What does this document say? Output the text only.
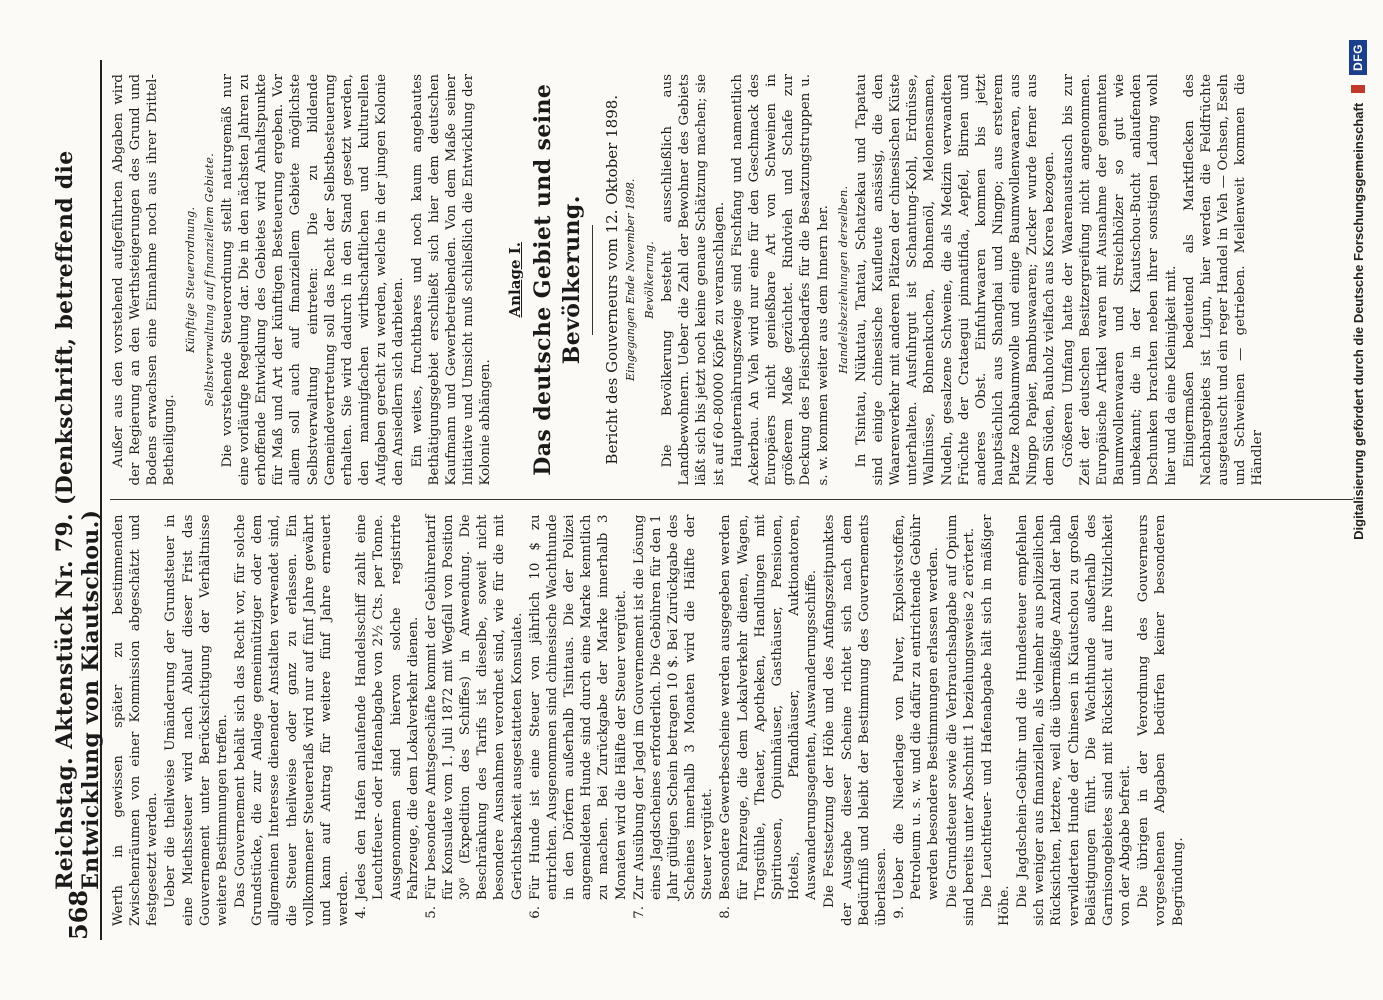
568
Reichstag. Aktenstück Nr. 79. (Denkschrift, betreffend die Entwicklung von Kiautschou.) Werth in gewissen später zu bestimmenden Zwischenräumen von einer Kommission abgeschätzt und festgesetzt werden. Ueber die theilweise Umänderung der Grundsteuer in eine Miethssteuer wird nach Ablauf dieser Frist das Gouvernement unter Berücksichtigung der Verhältnisse weitere Bestimmungen treffen. Das Gouvernement behält sich das Recht vor, für solche Grundstücke, die zur Anlage gemeinnütziger oder dem allgemeinen Interesse dienender Anstalten verwendet sind, die Steuer theilweise oder ganz zu erlassen. Ein vollkommener Steuererlaß wird nur auf fünf Jahre gewährt und kann auf Antrag für weitere fünf Jahre erneuert werden. 4.
Jedes den Hafen anlaufende Handelsschiff zahlt eine Leuchtfeuer- oder Hafenabgabe von 2½ Cts. per Tonne. Ausgenommen sind hiervon solche registrirte Fahrzeuge, die dem Lokalverkehr dienen.
5.
Für besondere Amtsgeschäfte kommt der Gebührentarif für Konsulate vom 1. Juli 1872 mit Wegfall von Position 30⁶ (Expedition des Schiffes) in Anwendung. Die Beschränkung des Tarifs ist dieselbe, soweit nicht besondere Ausnahmen verordnet sind, wie für die mit Gerichtsbarkeit ausgestatteten Konsulate.
6.
Für Hunde ist eine Steuer von jährlich 10 $ zu entrichten. Ausgenommen sind chinesische Wachthunde in den Dörfern außerhalb Tsintaus. Die der Polizei angemeldeten Hunde sind durch eine Marke kenntlich zu machen. Bei Zurückgabe der Marke innerhalb 3 Monaten wird die Hälfte der Steuer vergütet.
7.
Zur Ausübung der Jagd im Gouvernement ist die Lösung eines Jagdscheines erforderlich. Die Gebühren für den 1 Jahr gültigen Schein betragen 10 $. Bei Zurückgabe des Scheines innerhalb 3 Monaten wird die Hälfte der Steuer vergütet.
8.
Besondere Gewerbescheine werden ausgegeben werden für Fahrzeuge, die dem Lokalverkehr dienen, Wagen, Tragstühle, Theater, Apotheken, Handlungen mit Spirituosen, Opiumhäuser, Gasthäuser, Pensionen, Hotels, Pfandhäuser, Auktionatoren, Auswanderungsagenten, Auswanderungsschiffe. Die Festsetzung der Höhe und des Anfangszeitpunktes der Ausgabe dieser Scheine richtet sich nach dem Bedürfniß und bleibt der Bestimmung des Gouvernements überlassen. 9.
Ueber die Niederlage von Pulver, Explosivstoffen, Petroleum u. s. w. und die dafür zu entrichtende Gebühr werden besondere Bestimmungen erlassen werden. Die Grundsteuer sowie die Verbrauchsabgabe auf Opium sind bereits unter Abschnitt 1 beziehungsweise 2 erörtert. Die Leuchtfeuer- und Hafenabgabe hält sich in mäßiger Höhe. Die Jagdschein-Gebühr und die Hundesteuer empfehlen sich weniger aus finanziellen, als vielmehr aus polizeilichen Rücksichten, letztere, weil die übermäßige Anzahl der halb verwilderten Hunde der Chinesen in Kiautschou zu großen Belästigungen führt. Die Wachthunde außerhalb des Garnisongebietes sind mit Rücksicht auf ihre Nützlichkeit von der Abgabe befreit. Die übrigen in der Verordnung des Gouverneurs vorgesehenen Abgaben bedürfen keiner besonderen Begründung.

Außer aus den vorstehend aufgeführten Abgaben wird der Regierung an den Werthsteigerungen des Grund und Bodens erwachsen eine Einnahme noch aus ihrer Drittel-Betheiligung.

Künftige Steuerordnung. Selbstverwaltung auf finanziellem Gebiete. Die vorstehende Steuerordnung stellt naturgemäß nur eine vorläufige Regelung dar. Die in den nächsten Jahren zu erhoffende Entwicklung des Gebietes wird Anhaltspunkte für Maß und Art der künftigen Besteuerung ergeben. Vor allem soll auch auf finanziellem Gebiete möglichste Selbstverwaltung eintreten: Die zu bildende Gemeindevertretung soll das Recht der Selbstbesteuerung erhalten. Sie wird dadurch in den Stand gesetzt werden, den mannigfachen wirthschaftlichen und kulturellen Aufgaben gerecht zu werden, welche in der jungen Kolonie den Ansiedlern sich darbieten. Ein weites, fruchtbares und noch kaum angebautes Bethätigungsgebiet erschließt sich hier dem deutschen Kaufmann und Gewerbetreibenden. Von dem Maße seiner Initiative und Umsicht muß schließlich die Entwicklung der Kolonie abhängen.

Anlage I. Das deutsche Gebiet und seine Bevölkerung. Bericht des Gouverneurs vom 12. Oktober 1898. Eingegangen Ende November 1898. Bevölkerung. Die Bevölkerung besteht ausschließlich aus Landbewohnern. Ueber die Zahl der Bewohner des Gebiets läßt sich bis jetzt noch keine genaue Schätzung machen; sie ist auf 60–80000 Köpfe zu veranschlagen. Haupternährungszweige sind Fischfang und namentlich Ackerbau. An Vieh wird nur eine für den Geschmack des Europäers nicht genießbare Art von Schweinen in größerem Maße gezüchtet. Rindvieh und Schafe zur Deckung des Fleischbedarfes für die Besatzungstruppen u. s. w. kommen weiter aus dem Innern her. Handelsbeziehungen derselben. In Tsintau, Nükutau, Tantau, Schatzekau und Tapatau sind einige chinesische Kaufleute ansässig, die den Waarenverkehr mit anderen Plätzen der chinesischen Küste unterhalten. Ausfuhrgut ist Schantung-Kohl, Erdnüsse, Wallnüsse, Bohnenkuchen, Bohnenöl, Melonensamen, Nudeln, gesalzene Schweine, die als Medizin verwandten Früchte der Crataegui pinnatifida, Aepfel, Birnen und anderes Obst. Einfuhrwaaren kommen bis jetzt hauptsächlich aus Shanghai und Ningpo; aus ersterem Platze Rohbaumwolle und einige Baumwollenwaaren, aus Ningpo Papier, Bambuswaaren; Zucker wurde ferner aus dem Süden, Bauholz vielfach aus Korea bezogen. Größeren Umfang hatte der Waarenaustausch bis zur Zeit der deutschen Besitzergreifung nicht angenommen. Europäische Artikel waren mit Ausnahme der genannten Baumwollenwaaren und Streichhölzer so gut wie unbekannt; die in der Kiautschou-Bucht anlaufenden Dschunken brachten neben ihrer sonstigen Ladung wohl hier und da eine Kleinigkeit mit. Einigermaßen bedeutend als Marktflecken des Nachbargebiets ist Ligun, hier werden die Feldfrüchte ausgetauscht und ein reger Handel in Vieh — Ochsen, Eseln und Schweinen — getrieben. Meilenweit kommen die Händler	Digitalisierung gefördert durch die Deutsche Forschungsgemeinschaft
DFG
